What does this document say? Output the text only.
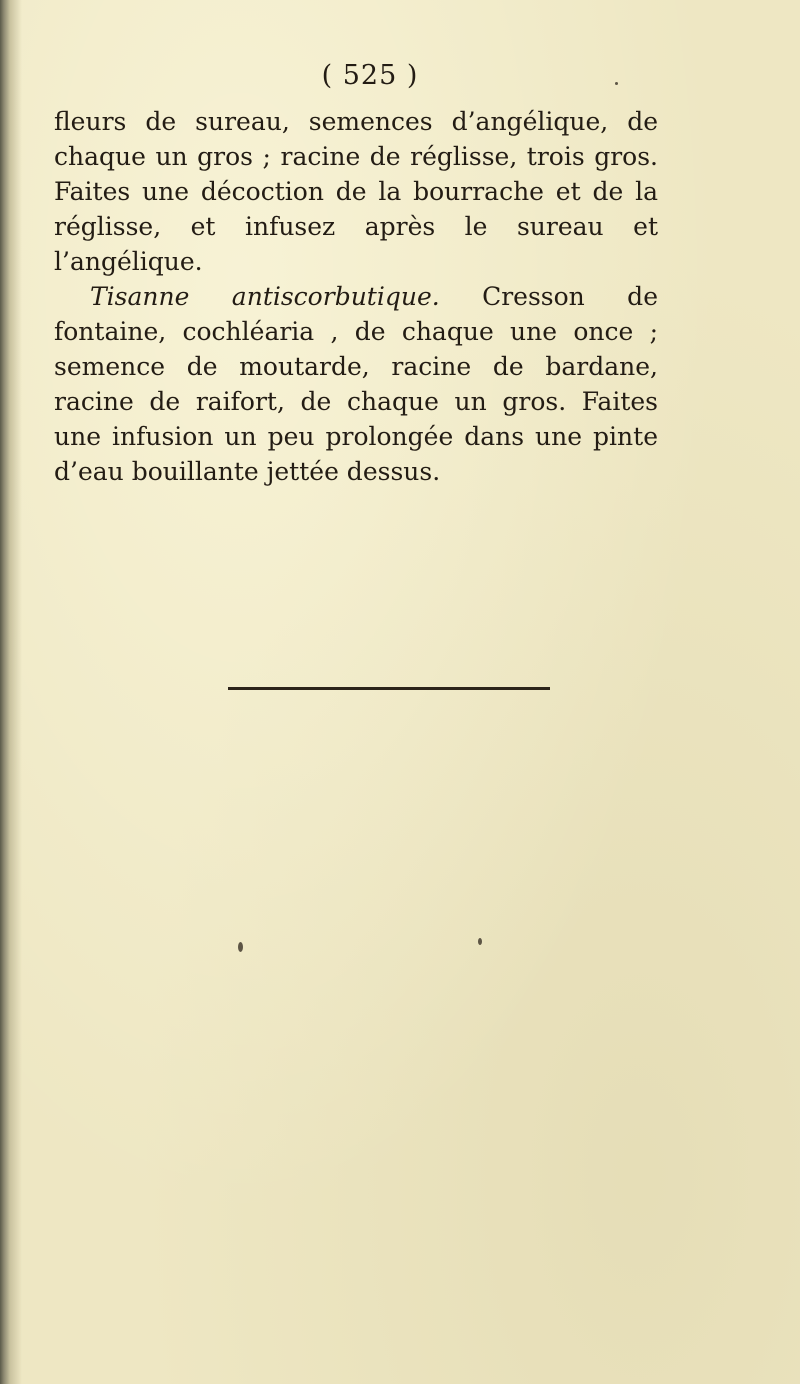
( 525 )

fleurs de sureau, semences d’angélique, de chaque un gros ; racine de réglisse, trois gros. Faites une décoction de la bourrache et de la réglisse, et infusez après le sureau et l’angélique.

Tisanne antiscorbutique. Cresson de fontaine, cochléaria , de chaque une once ; semence de moutarde, racine de bardane, racine de raifort, de chaque un gros. Faites une infusion un peu prolongée dans une pinte d’eau bouillante jettée dessus.
